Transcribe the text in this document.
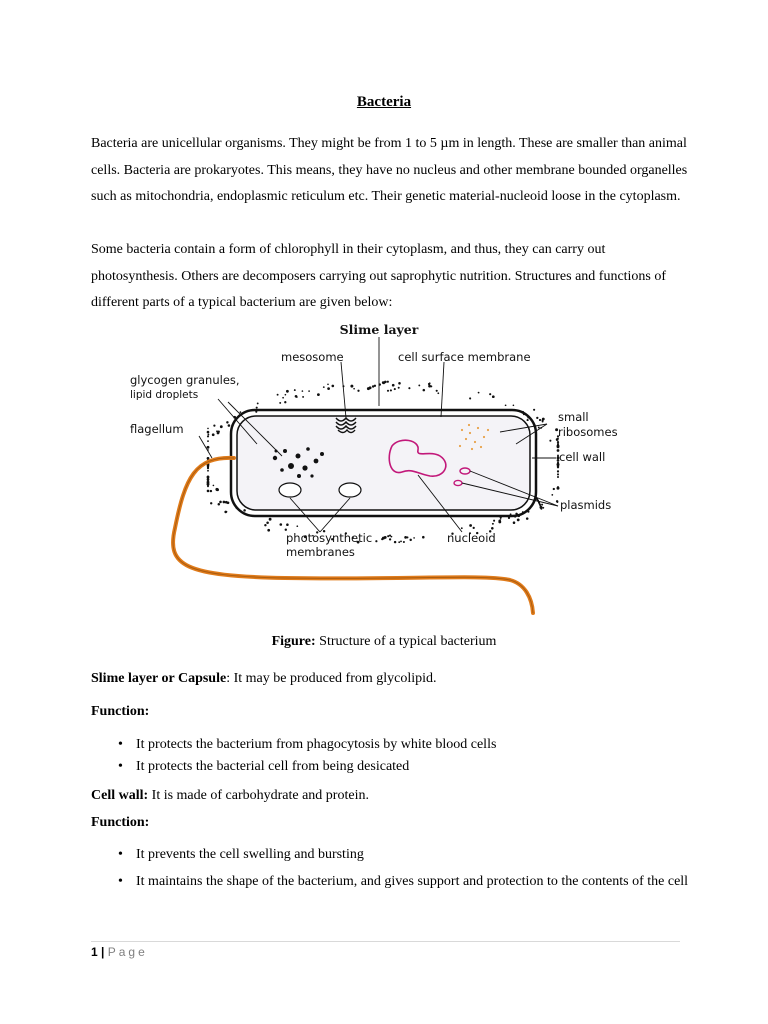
Bacteria

Bacteria are unicellular organisms. They might be from 1 to 5 µm in length. These are smaller than animal cells. Bacteria are prokaryotes. This means, they have no nucleus and other membrane bounded organelles such as mitochondria, endoplasmic reticulum etc. Their genetic material-nucleoid loose in the cytoplasm.

Some bacteria contain a form of chlorophyll in their cytoplasm, and thus, they can carry out photosynthesis. Others are decomposers carrying out saprophytic nutrition. Structures and functions of different parts of a typical bacterium are given below:

Slime layer
mesosome	cell surface membrane
glycogen granules,
lipid droplets
flagellum
small
ribosomes
cell wall
plasmids
photosynthetic
membranes
nucleoid
Figure: Structure of a typical bacterium

Slime layer or Capsule: It may be produced from glycolipid.

Function:

• It protects the bacterium from phagocytosis by white blood cells
• It protects the bacterial cell from being desicated

Cell wall: It is made of carbohydrate and protein.

Function:

• It prevents the cell swelling and bursting
• It maintains the shape of the bacterium, and gives support and protection to the contents of the cell
1 | Page
